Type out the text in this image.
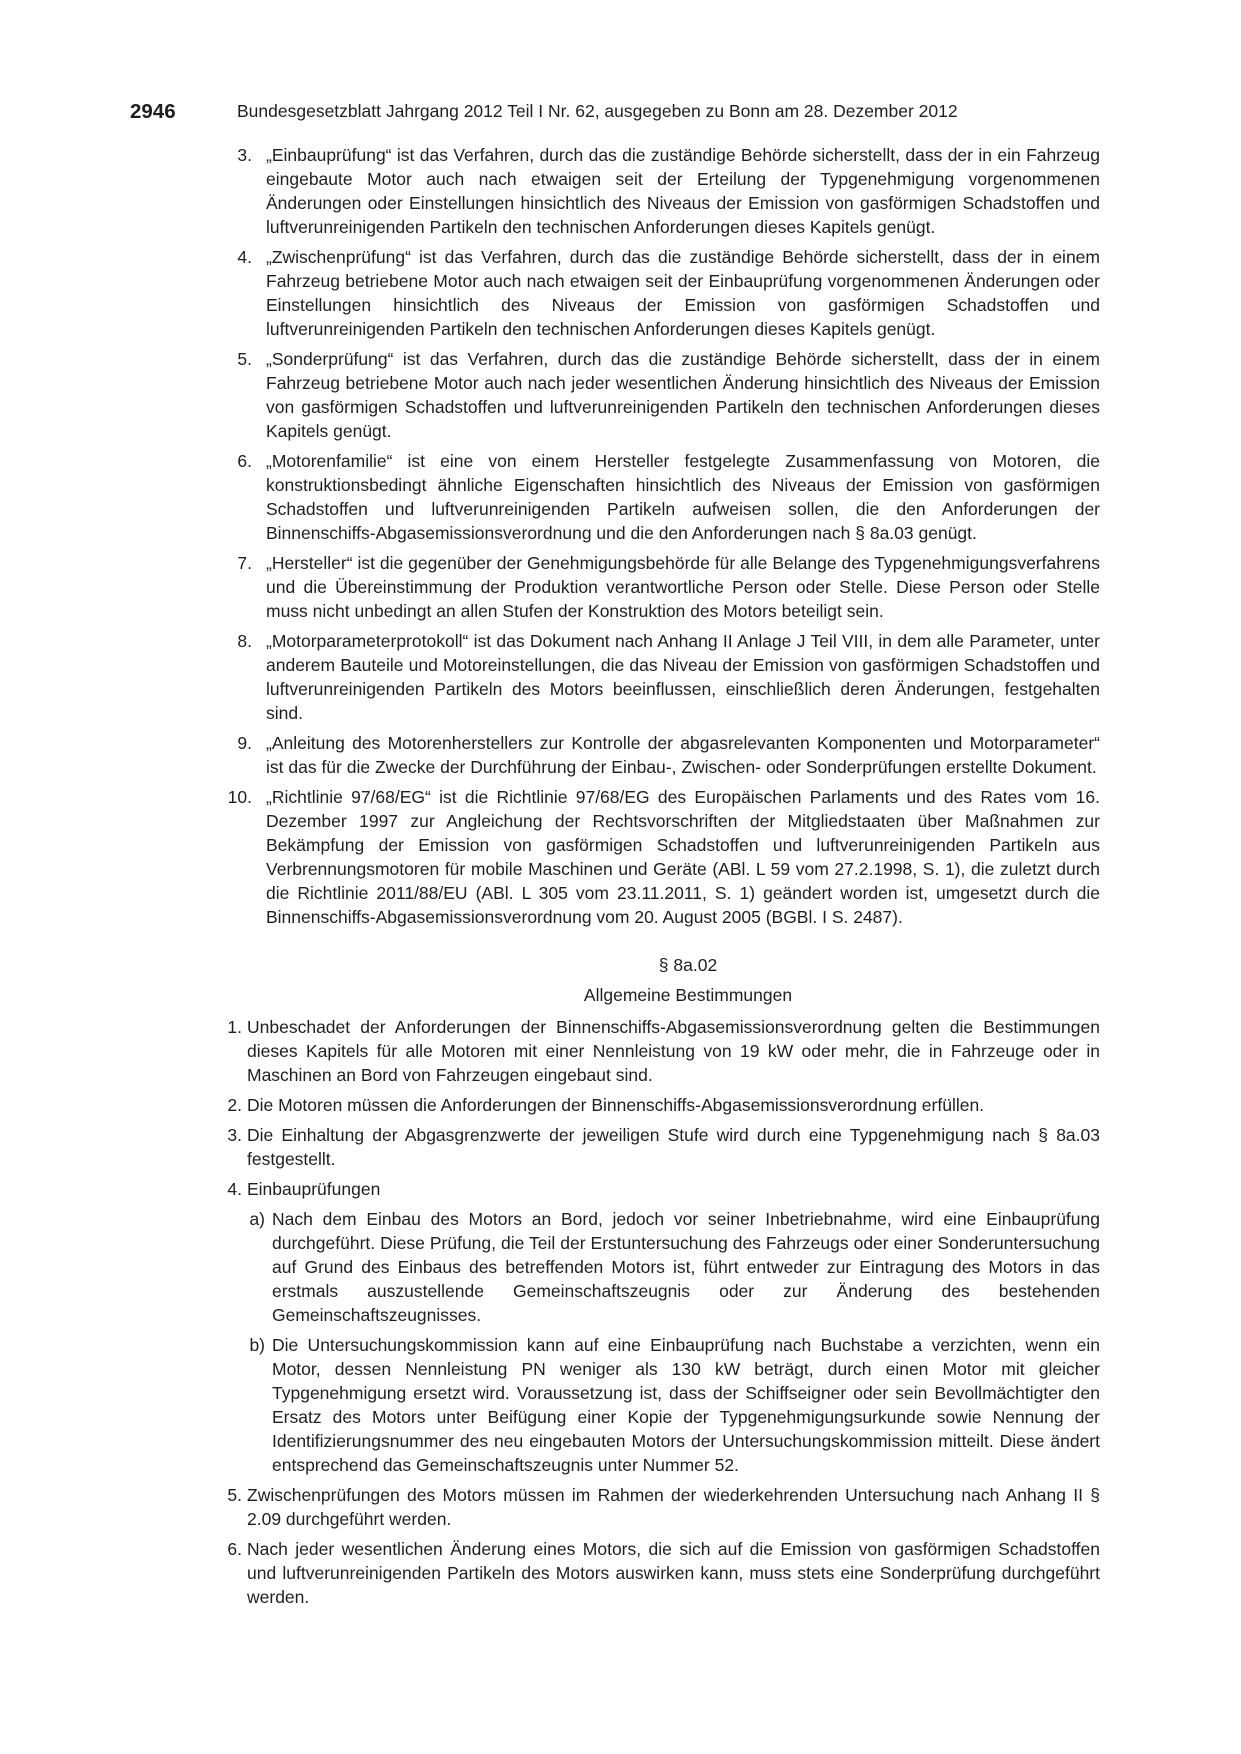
2946	Bundesgesetzblatt Jahrgang 2012 Teil I Nr. 62, ausgegeben zu Bonn am 28. Dezember 2012
3. „Einbauprüfung“ ist das Verfahren, durch das die zuständige Behörde sicherstellt, dass der in ein Fahrzeug eingebaute Motor auch nach etwaigen seit der Erteilung der Typgenehmigung vorgenommenen Änderungen oder Einstellungen hinsichtlich des Niveaus der Emission von gasförmigen Schadstoffen und luftverunreinigenden Partikeln den technischen Anforderungen dieses Kapitels genügt.
4. „Zwischenprüfung“ ist das Verfahren, durch das die zuständige Behörde sicherstellt, dass der in einem Fahrzeug betriebene Motor auch nach etwaigen seit der Einbauprüfung vorgenommenen Änderungen oder Einstellungen hinsichtlich des Niveaus der Emission von gasförmigen Schadstoffen und luftverunreinigenden Partikeln den technischen Anforderungen dieses Kapitels genügt.
5. „Sonderprüfung“ ist das Verfahren, durch das die zuständige Behörde sicherstellt, dass der in einem Fahrzeug betriebene Motor auch nach jeder wesentlichen Änderung hinsichtlich des Niveaus der Emission von gasförmigen Schadstoffen und luftverunreinigenden Partikeln den technischen Anforderungen dieses Kapitels genügt.
6. „Motorenfamilie“ ist eine von einem Hersteller festgelegte Zusammenfassung von Motoren, die konstruktionsbedingt ähnliche Eigenschaften hinsichtlich des Niveaus der Emission von gasförmigen Schadstoffen und luftverunreinigenden Partikeln aufweisen sollen, die den Anforderungen der Binnenschiffs-Abgasemissionsverordnung und die den Anforderungen nach § 8a.03 genügt.
7. „Hersteller“ ist die gegenüber der Genehmigungsbehörde für alle Belange des Typgenehmigungsverfahrens und die Übereinstimmung der Produktion verantwortliche Person oder Stelle. Diese Person oder Stelle muss nicht unbedingt an allen Stufen der Konstruktion des Motors beteiligt sein.
8. „Motorparameterprotokoll“ ist das Dokument nach Anhang II Anlage J Teil VIII, in dem alle Parameter, unter anderem Bauteile und Motoreinstellungen, die das Niveau der Emission von gasförmigen Schadstoffen und luftverunreinigenden Partikeln des Motors beeinflussen, einschließlich deren Änderungen, festgehalten sind.
9. „Anleitung des Motorenherstellers zur Kontrolle der abgasrelevanten Komponenten und Motorparameter“ ist das für die Zwecke der Durchführung der Einbau-, Zwischen- oder Sonderprüfungen erstellte Dokument.
10. „Richtlinie 97/68/EG“ ist die Richtlinie 97/68/EG des Europäischen Parlaments und des Rates vom 16. Dezember 1997 zur Angleichung der Rechtsvorschriften der Mitgliedstaaten über Maßnahmen zur Bekämpfung der Emission von gasförmigen Schadstoffen und luftverunreinigenden Partikeln aus Verbrennungsmotoren für mobile Maschinen und Geräte (ABl. L 59 vom 27.2.1998, S. 1), die zuletzt durch die Richtlinie 2011/88/EU (ABl. L 305 vom 23.11.2011, S. 1) geändert worden ist, umgesetzt durch die Binnenschiffs-Abgasemissionsverordnung vom 20. August 2005 (BGBl. I S. 2487).
§ 8a.02
Allgemeine Bestimmungen
1. Unbeschadet der Anforderungen der Binnenschiffs-Abgasemissionsverordnung gelten die Bestimmungen dieses Kapitels für alle Motoren mit einer Nennleistung von 19 kW oder mehr, die in Fahrzeuge oder in Maschinen an Bord von Fahrzeugen eingebaut sind.
2. Die Motoren müssen die Anforderungen der Binnenschiffs-Abgasemissionsverordnung erfüllen.
3. Die Einhaltung der Abgasgrenzwerte der jeweiligen Stufe wird durch eine Typgenehmigung nach § 8a.03 festgestellt.
4. Einbauprüfungen
a) Nach dem Einbau des Motors an Bord, jedoch vor seiner Inbetriebnahme, wird eine Einbauprüfung durchgeführt. Diese Prüfung, die Teil der Erstuntersuchung des Fahrzeugs oder einer Sonderuntersuchung auf Grund des Einbaus des betreffenden Motors ist, führt entweder zur Eintragung des Motors in das erstmals auszustellende Gemeinschaftszeugnis oder zur Änderung des bestehenden Gemeinschaftszeugnisses.
b) Die Untersuchungskommission kann auf eine Einbauprüfung nach Buchstabe a verzichten, wenn ein Motor, dessen Nennleistung PN weniger als 130 kW beträgt, durch einen Motor mit gleicher Typgenehmigung ersetzt wird. Voraussetzung ist, dass der Schiffseigner oder sein Bevollmächtigter den Ersatz des Motors unter Beifügung einer Kopie der Typgenehmigungsurkunde sowie Nennung der Identifizierungsnummer des neu eingebauten Motors der Untersuchungskommission mitteilt. Diese ändert entsprechend das Gemeinschaftszeugnis unter Nummer 52.
5. Zwischenprüfungen des Motors müssen im Rahmen der wiederkehrenden Untersuchung nach Anhang II § 2.09 durchgeführt werden.
6. Nach jeder wesentlichen Änderung eines Motors, die sich auf die Emission von gasförmigen Schadstoffen und luftverunreinigenden Partikeln des Motors auswirken kann, muss stets eine Sonderprüfung durchgeführt werden.
